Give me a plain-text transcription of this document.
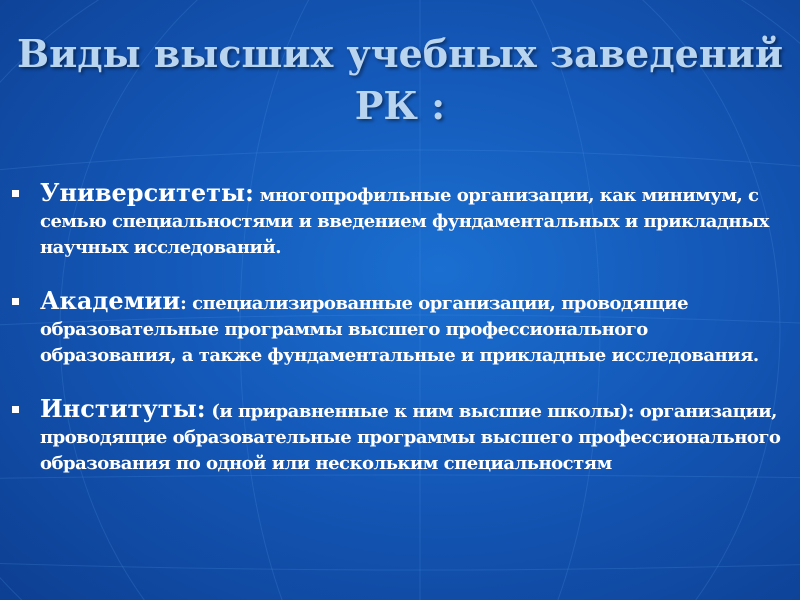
Виды высших учебных заведений
РК :
Университеты: многопрофильные организации, как минимум, с семью специальностями и введением фундаментальных и прикладных научных исследований.
Академии: специализированные организации, проводящие образовательные программы высшего профессионального образования, а также фундаментальные и прикладные исследования.
Институты: (и приравненные к ним высшие школы): организации, проводящие образовательные программы высшего профессионального образования по одной или нескольким специальностям
